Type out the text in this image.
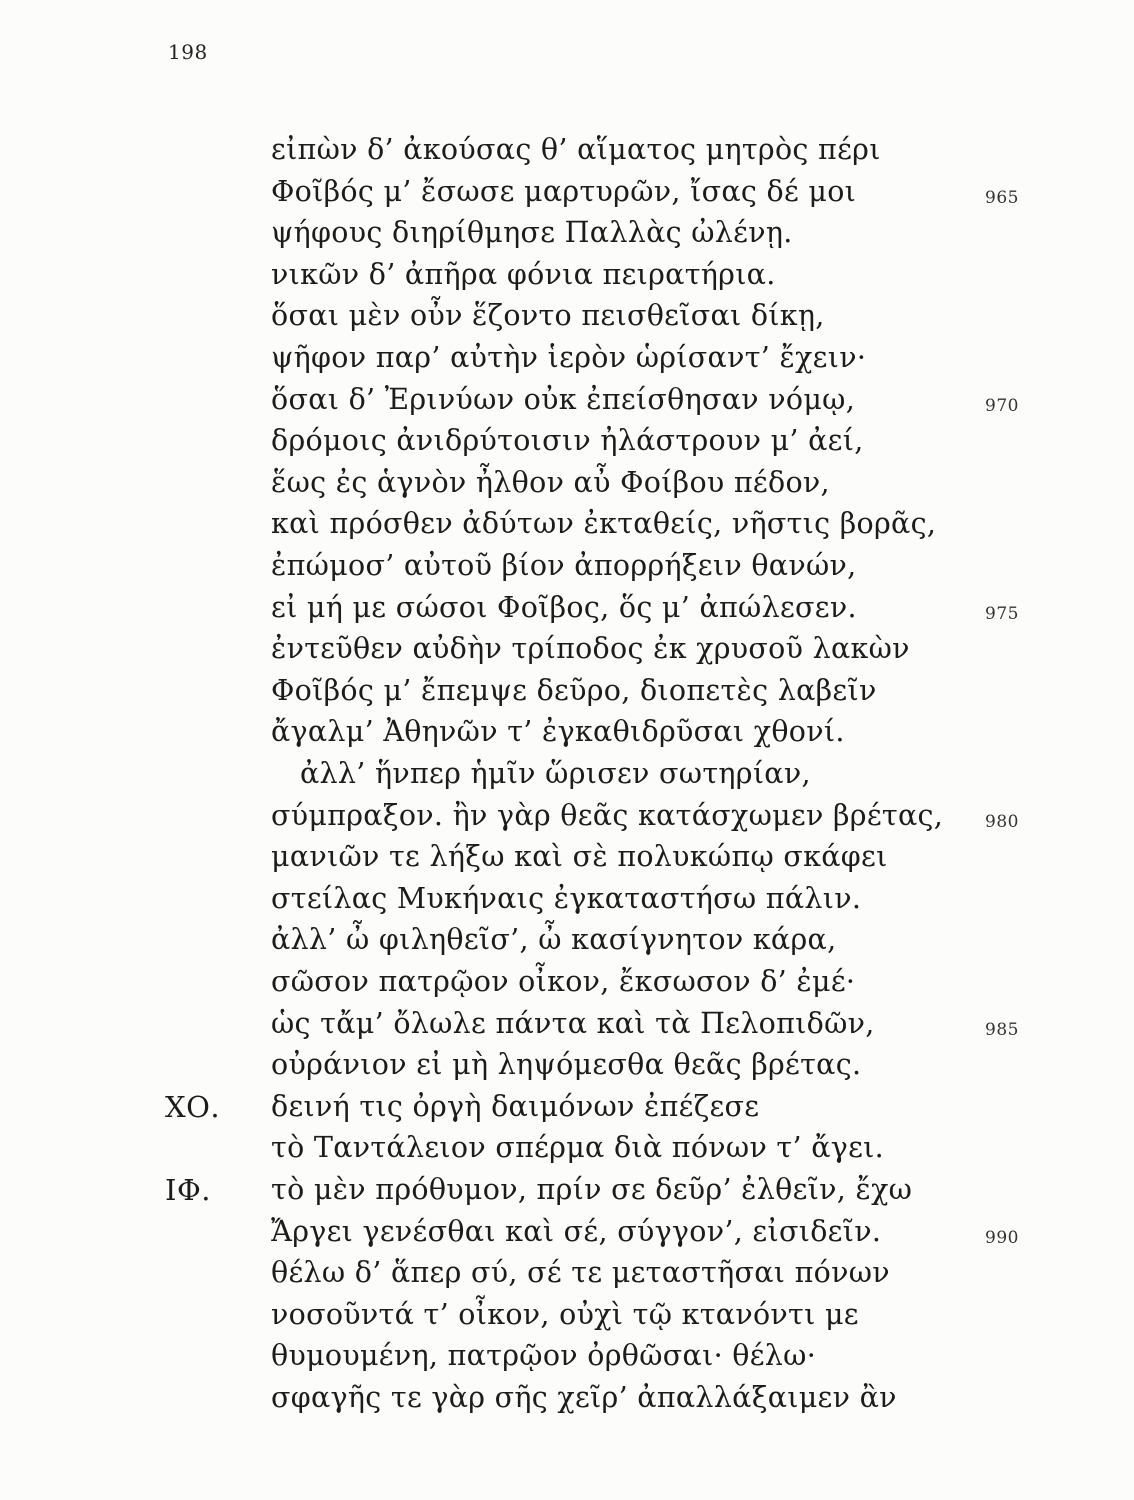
198
εἰπὼν δ’ ἀκούσας θ’ αἵματος μητρὸς πέρι
Φοῖβός μ’ ἔσωσε μαρτυρῶν, ἴσας δέ μοι	965
ψήφους διηρίθμησε Παλλὰς ὠλένῃ.
νικῶν δ’ ἀπῆρα φόνια πειρατήρια.
ὅσαι μὲν οὖν ἕζοντο πεισθεῖσαι δίκῃ,
ψῆφον παρ’ αὐτὴν ἱερὸν ὡρίσαντ’ ἔχειν·
ὅσαι δ’ Ἐρινύων οὐκ ἐπείσθησαν νόμῳ,	970
δρόμοις ἀνιδρύτοισιν ἠλάστρουν μ’ ἀεί,
ἕως ἐς ἁγνὸν ἦλθον αὖ Φοίβου πέδον,
καὶ πρόσθεν ἀδύτων ἐκταθείς, νῆστις βορᾶς,
ἐπώμοσ’ αὐτοῦ βίον ἀπορρήξειν θανών,
εἰ μή με σώσοι Φοῖβος, ὅς μ’ ἀπώλεσεν.	975
ἐντεῦθεν αὐδὴν τρίποδος ἐκ χρυσοῦ λακὼν
Φοῖβός μ’ ἔπεμψε δεῦρο, διοπετὲς λαβεῖν
ἄγαλμ’ Ἀθηνῶν τ’ ἐγκαθιδρῦσαι χθονί.
ἀλλ’ ἥνπερ ἡμῖν ὥρισεν σωτηρίαν,
σύμπραξον. ἢν γὰρ θεᾶς κατάσχωμεν βρέτας, 980
μανιῶν τε λήξω καὶ σὲ πολυκώπῳ σκάφει
στείλας Μυκήναις ἐγκαταστήσω πάλιν.
ἀλλ’ ὦ φιληθεῖσ’, ὦ κασίγνητον κάρα,
σῶσον πατρῷον οἶκον, ἔκσωσον δ’ ἐμέ·
ὡς τἄμ’ ὄλωλε πάντα καὶ τὰ Πελοπιδῶν,	985
οὐράνιον εἰ μὴ ληψόμεσθα θεᾶς βρέτας.
ΧΟ. δεινή τις ὀργὴ δαιμόνων ἐπέζεσε
τὸ Ταντάλειον σπέρμα διὰ πόνων τ’ ἄγει.
ΙΦ. τὸ μὲν πρόθυμον, πρίν σε δεῦρ’ ἐλθεῖν, ἔχω
Ἄργει γενέσθαι καὶ σέ, σύγγον’, εἰσιδεῖν.	990
θέλω δ’ ἅπερ σύ, σέ τε μεταστῆσαι πόνων
νοσοῦντά τ’ οἶκον, οὐχὶ τῷ κτανόντι με
θυμουμένη, πατρῷον ὀρθῶσαι· θέλω·
σφαγῆς τε γὰρ σῆς χεῖρ’ ἀπαλλάξαιμεν ἂν
